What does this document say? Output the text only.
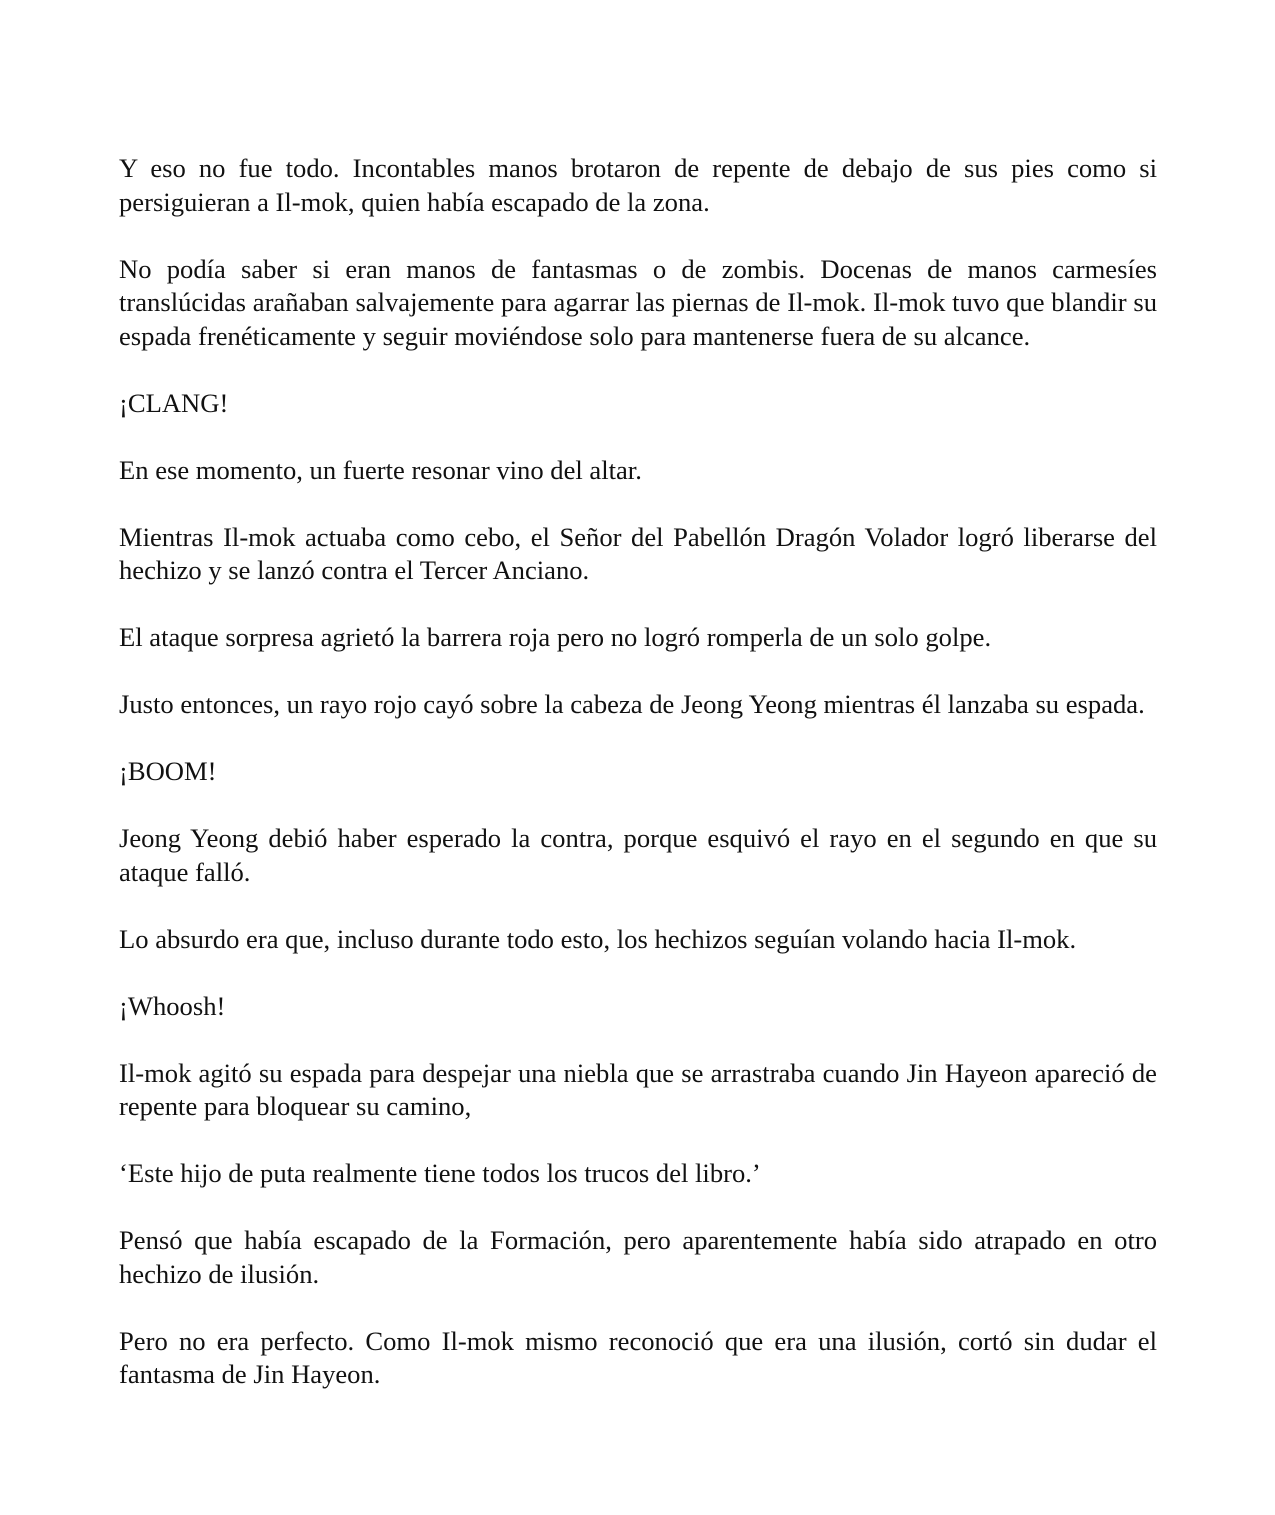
Y eso no fue todo. Incontables manos brotaron de repente de debajo de sus pies como si persiguieran a Il-mok, quien había escapado de la zona.

No podía saber si eran manos de fantasmas o de zombis. Docenas de manos carmesíes translúcidas arañaban salvajemente para agarrar las piernas de Il-mok. Il-mok tuvo que blandir su espada frenéticamente y seguir moviéndose solo para mantenerse fuera de su alcance.

¡CLANG!

En ese momento, un fuerte resonar vino del altar.

Mientras Il-mok actuaba como cebo, el Señor del Pabellón Dragón Volador logró liberarse del hechizo y se lanzó contra el Tercer Anciano.

El ataque sorpresa agrietó la barrera roja pero no logró romperla de un solo golpe.

Justo entonces, un rayo rojo cayó sobre la cabeza de Jeong Yeong mientras él lanzaba su espada.

¡BOOM!

Jeong Yeong debió haber esperado la contra, porque esquivó el rayo en el segundo en que su ataque falló.

Lo absurdo era que, incluso durante todo esto, los hechizos seguían volando hacia Il-mok.

¡Whoosh!

Il-mok agitó su espada para despejar una niebla que se arrastraba cuando Jin Hayeon apareció de repente para bloquear su camino,

‘Este hijo de puta realmente tiene todos los trucos del libro.’

Pensó que había escapado de la Formación, pero aparentemente había sido atrapado en otro hechizo de ilusión.

Pero no era perfecto. Como Il-mok mismo reconoció que era una ilusión, cortó sin dudar el fantasma de Jin Hayeon.
